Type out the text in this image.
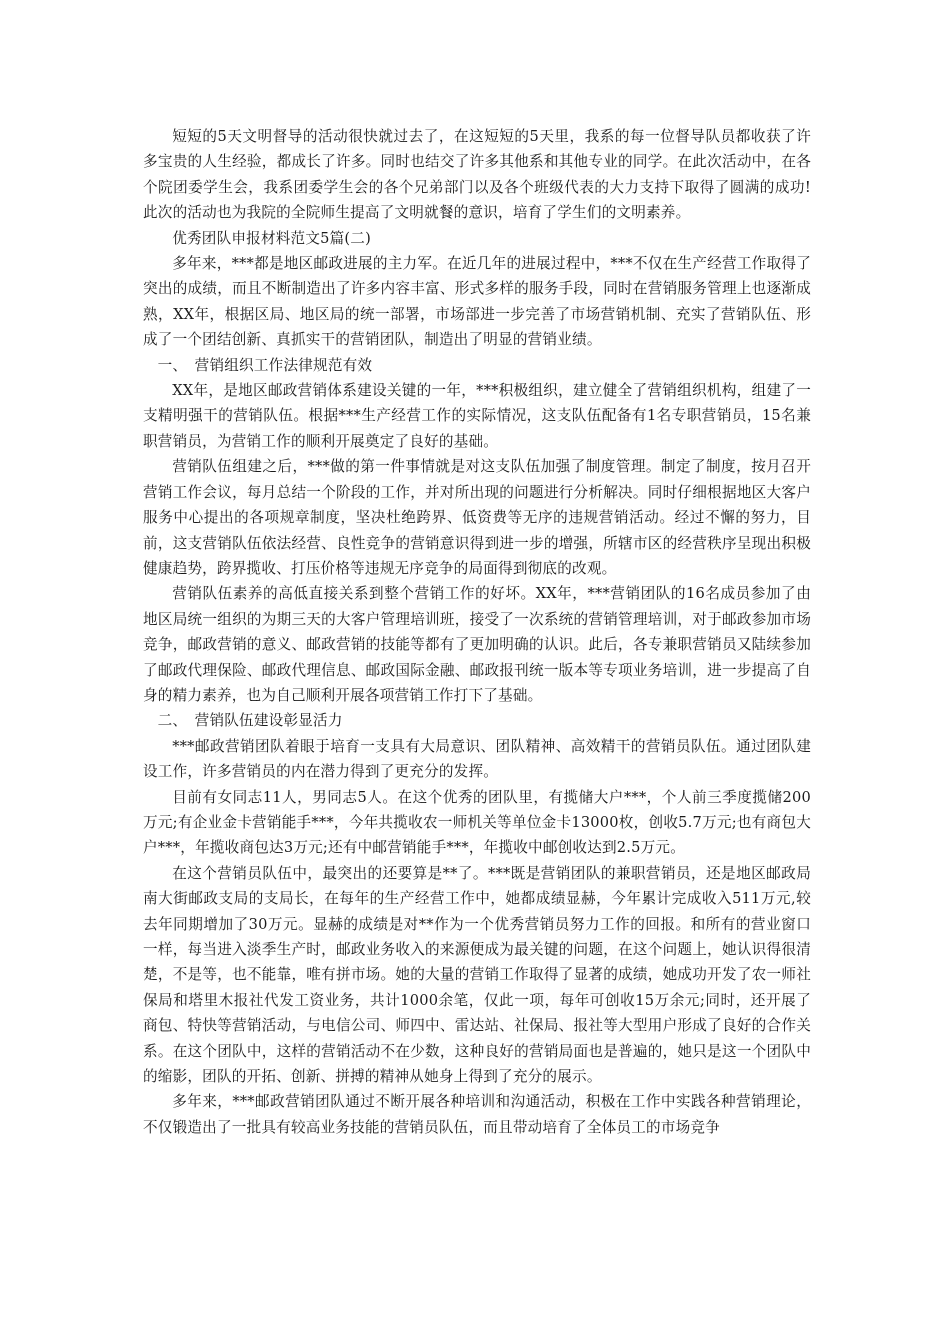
短短的5天文明督导的活动很快就过去了，在这短短的5天里，我系的每一位督导队员都收获了许多宝贵的人生经验，都成长了许多。同时也结交了许多其他系和其他专业的同学。在此次活动中，在各个院团委学生会，我系团委学生会的各个兄弟部门以及各个班级代表的大力支持下取得了圆满的成功!此次的活动也为我院的全院师生提高了文明就餐的意识，培育了学生们的文明素养。

优秀团队申报材料范文5篇(二)

多年来，***都是地区邮政进展的主力军。在近几年的进展过程中，***不仅在生产经营工作取得了突出的成绩，而且不断制造出了许多内容丰富、形式多样的服务手段，同时在营销服务管理上也逐渐成熟，XX年，根据区局、地区局的统一部署，市场部进一步完善了市场营销机制、充实了营销队伍、形成了一个团结创新、真抓实干的营销团队，制造出了明显的营销业绩。

一、　营销组织工作法律规范有效

XX年，是地区邮政营销体系建设关键的一年，***积极组织，建立健全了营销组织机构，组建了一支精明强干的营销队伍。根据***生产经营工作的实际情况，这支队伍配备有1名专职营销员，15名兼职营销员，为营销工作的顺利开展奠定了良好的基础。

营销队伍组建之后，***做的第一件事情就是对这支队伍加强了制度管理。制定了制度，按月召开营销工作会议，每月总结一个阶段的工作，并对所出现的问题进行分析解决。同时仔细根据地区大客户服务中心提出的各项规章制度，坚决杜绝跨界、低资费等无序的违规营销活动。经过不懈的努力，目前，这支营销队伍依法经营、良性竞争的营销意识得到进一步的增强，所辖市区的经营秩序呈现出积极健康趋势，跨界揽收、打压价格等违规无序竞争的局面得到彻底的改观。

营销队伍素养的高低直接关系到整个营销工作的好坏。XX年，***营销团队的16名成员参加了由地区局统一组织的为期三天的大客户管理培训班，接受了一次系统的营销管理培训，对于邮政参加市场竞争，邮政营销的意义、邮政营销的技能等都有了更加明确的认识。此后，各专兼职营销员又陆续参加了邮政代理保险、邮政代理信息、邮政国际金融、邮政报刊统一版本等专项业务培训，进一步提高了自身的精力素养，也为自己顺利开展各项营销工作打下了基础。

二、　营销队伍建设彰显活力

***邮政营销团队着眼于培育一支具有大局意识、团队精神、高效精干的营销员队伍。通过团队建设工作，许多营销员的内在潜力得到了更充分的发挥。

目前有女同志11人，男同志5人。在这个优秀的团队里，有揽储大户***，个人前三季度揽储200万元;有企业金卡营销能手***，今年共揽收农一师机关等单位金卡13000枚，创收5.7万元;也有商包大户***，年揽收商包达3万元;还有中邮营销能手***，年揽收中邮创收达到2.5万元。

在这个营销员队伍中，最突出的还要算是**了。***既是营销团队的兼职营销员，还是地区邮政局南大街邮政支局的支局长，在每年的生产经营工作中，她都成绩显赫，今年累计完成收入511万元,较去年同期增加了30万元。显赫的成绩是对**作为一个优秀营销员努力工作的回报。和所有的营业窗口一样，每当进入淡季生产时，邮政业务收入的来源便成为最关键的问题，在这个问题上，她认识得很清楚，不是等，也不能靠，唯有拼市场。她的大量的营销工作取得了显著的成绩，她成功开发了农一师社保局和塔里木报社代发工资业务，共计1000余笔，仅此一项，每年可创收15万余元;同时，还开展了商包、特快等营销活动，与电信公司、师四中、雷达站、社保局、报社等大型用户形成了良好的合作关系。在这个团队中，这样的营销活动不在少数，这种良好的营销局面也是普遍的，她只是这一个团队中的缩影，团队的开拓、创新、拼搏的精神从她身上得到了充分的展示。

多年来，***邮政营销团队通过不断开展各种培训和沟通活动，积极在工作中实践各种营销理论，不仅锻造出了一批具有较高业务技能的营销员队伍，而且带动培育了全体员工的市场竞争
